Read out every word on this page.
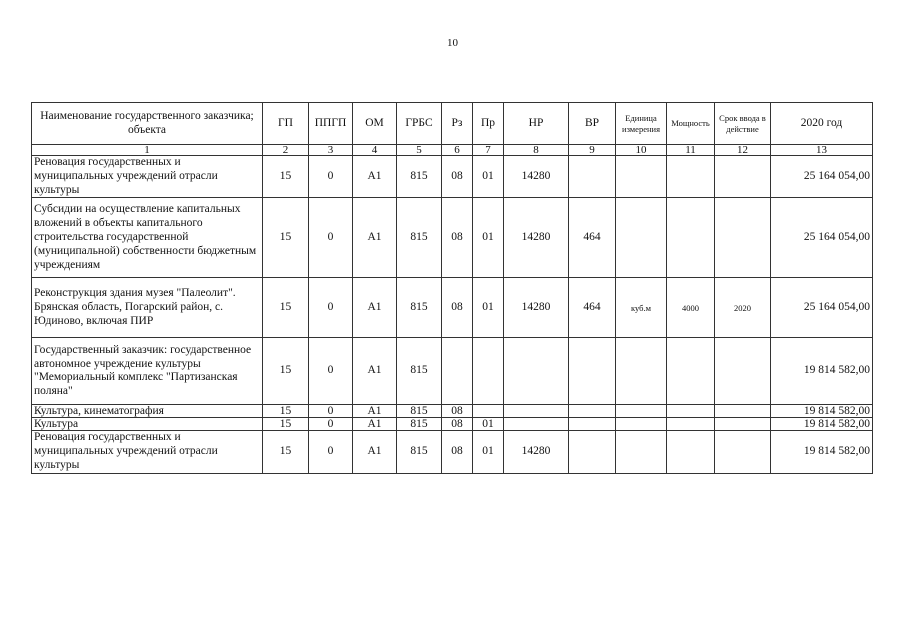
10
Наименование государственного заказчика; объекта	ГП	ППГП	ОМ	ГРБС	Рз	Пр	НР	ВР	Единица измерения	Мощность	Срок ввода в действие	2020 год
1	2	3	4	5	6	7	8	9	10	11	12	13
Реновация государственных и муниципальных учреждений отрасли культуры	15	0	А1	815	08	01	14280					25 164 054,00
Субсидии на осуществление капитальных вложений в объекты капитального строительства государственной (муниципальной) собственности бюджетным учреждениям	15	0	А1	815	08	01	14280	464				25 164 054,00
Реконструкция здания музея "Палеолит". Брянская область, Погарский район, с. Юдиново, включая ПИР	15	0	А1	815	08	01	14280	464	куб.м	4000	2020	25 164 054,00
Государственный заказчик: государственное автономное учреждение культуры "Мемориальный комплекс "Партизанская поляна"	15	0	А1	815								19 814 582,00
Культура, кинематография	15	0	А1	815	08							19 814 582,00
Культура	15	0	А1	815	08	01						19 814 582,00
Реновация государственных и муниципальных учреждений отрасли культуры	15	0	А1	815	08	01	14280					19 814 582,00
